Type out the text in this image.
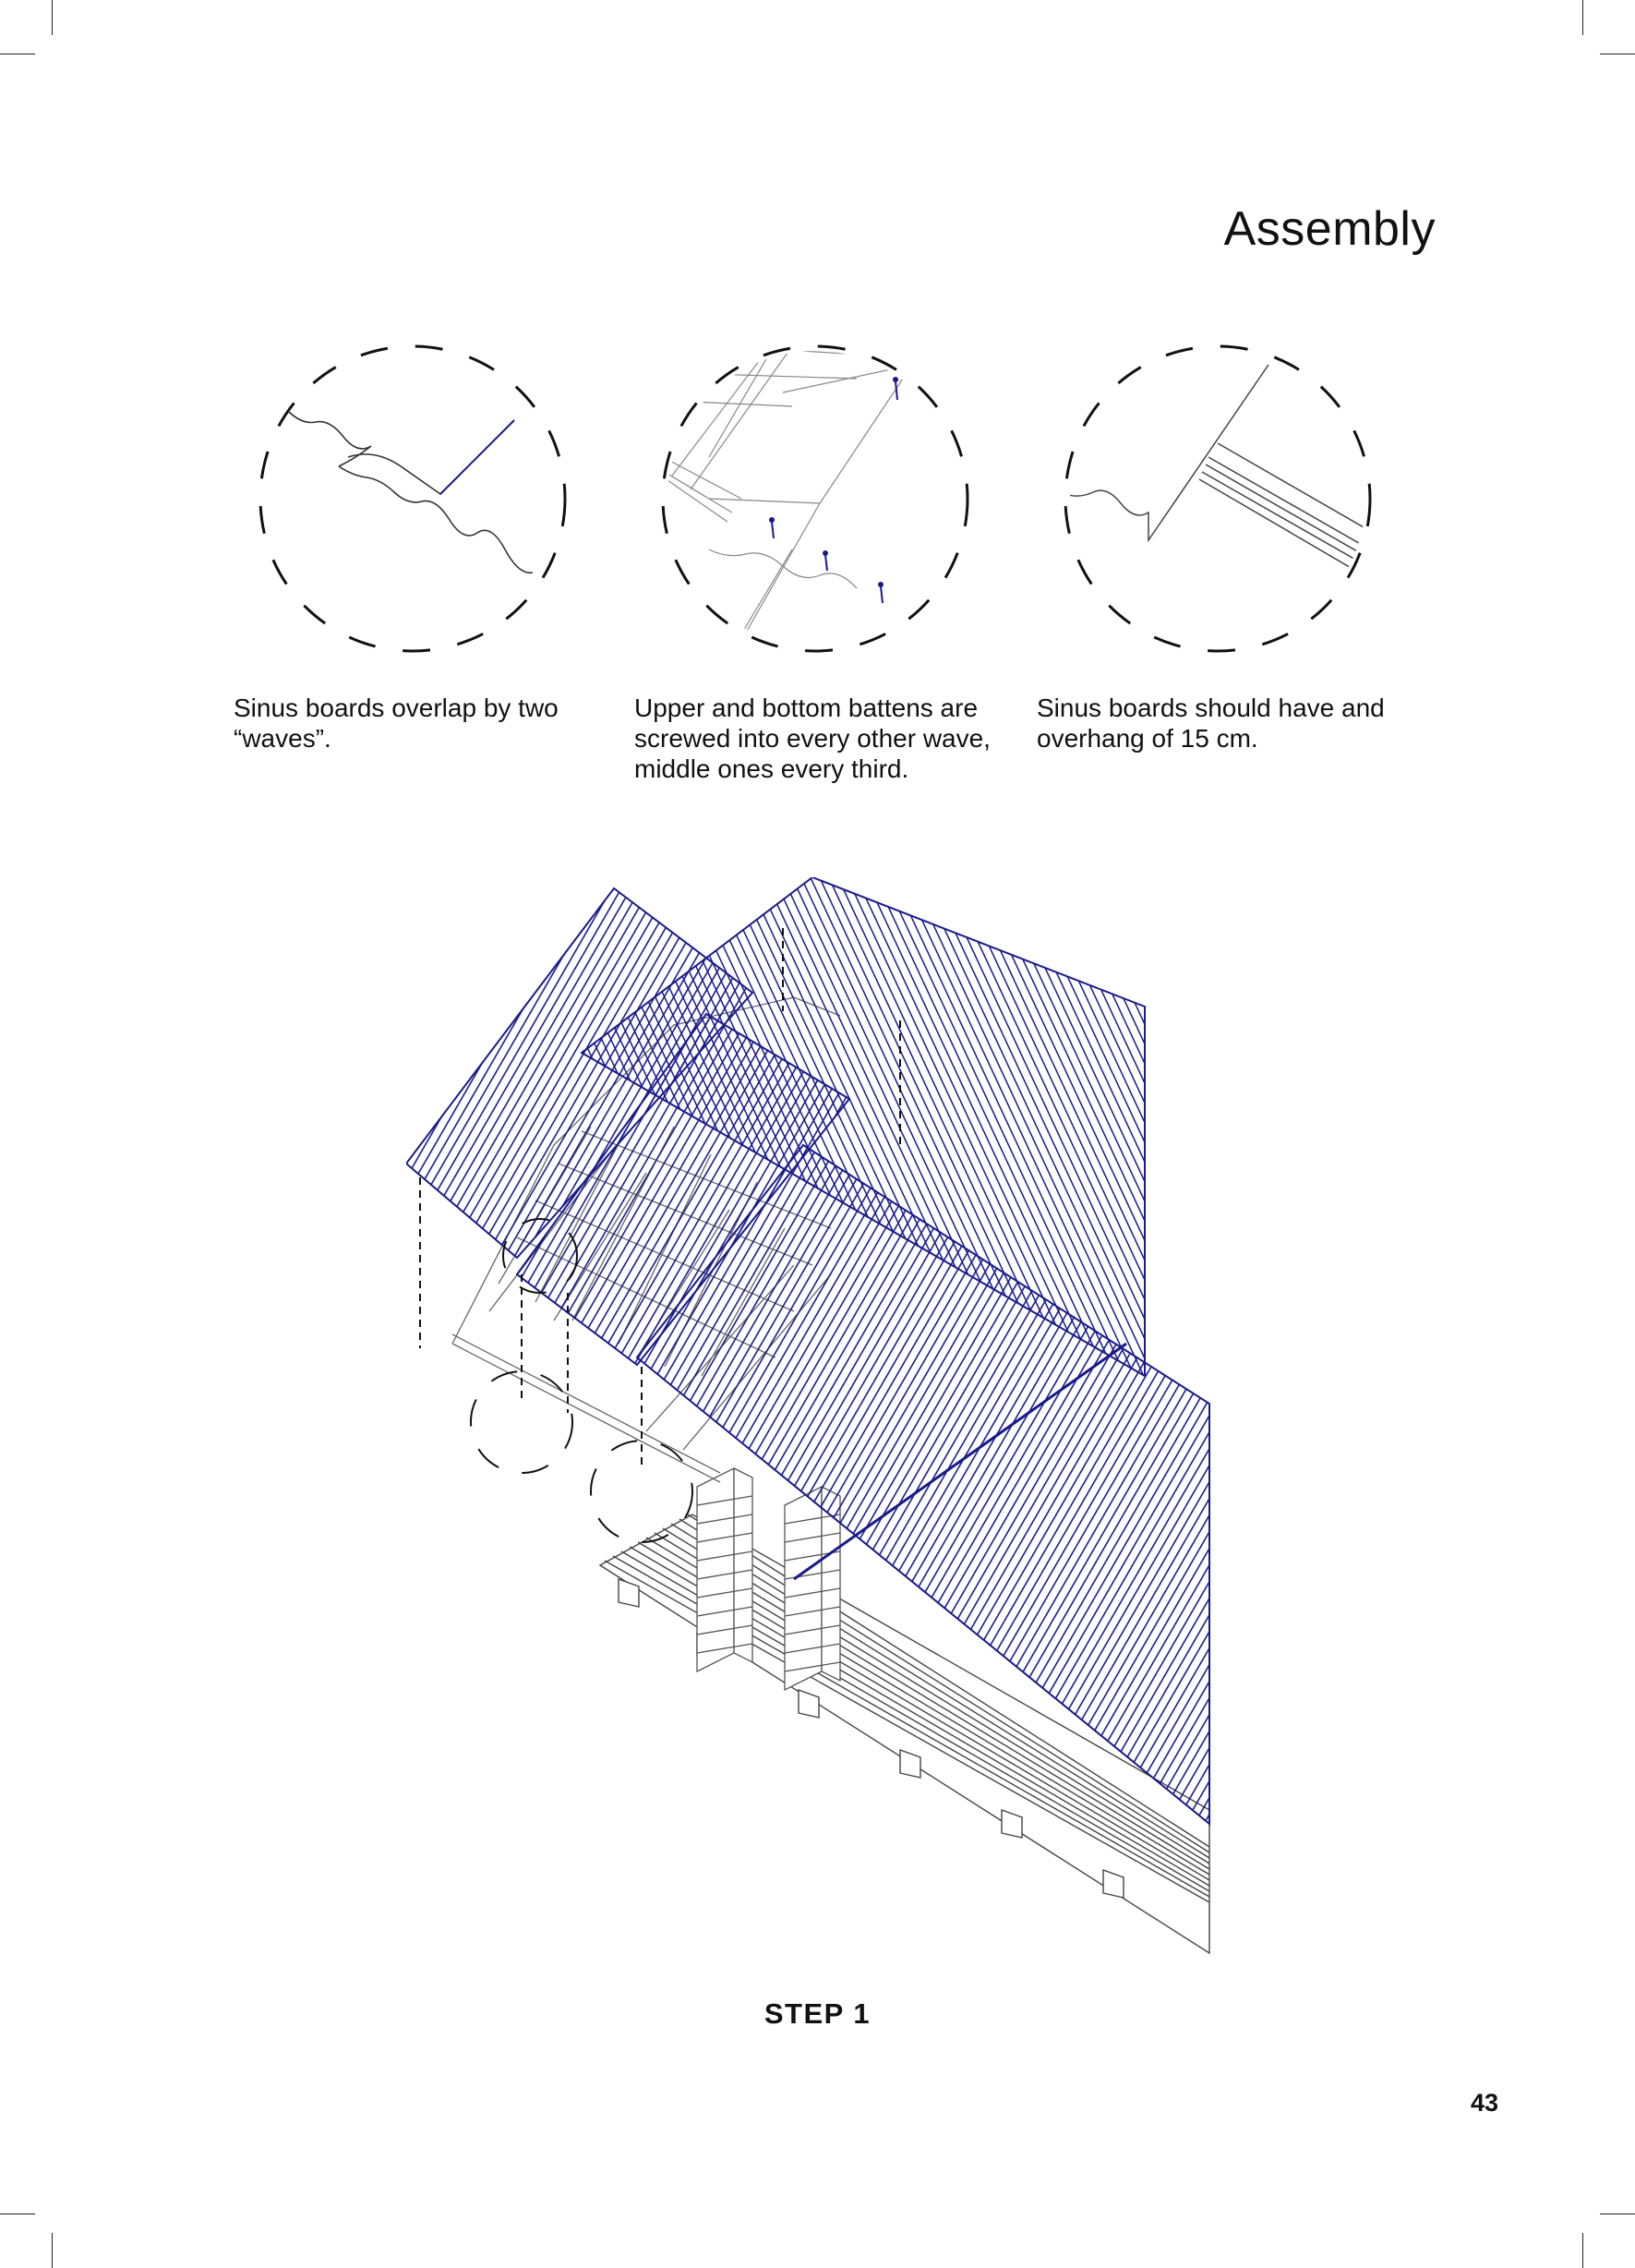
Assembly
Sinus boards overlap by two “waves”.
Upper and bottom battens are screwed into every other wave, middle ones every third.
Sinus boards should have and overhang of 15 cm.
STEP 1
43
